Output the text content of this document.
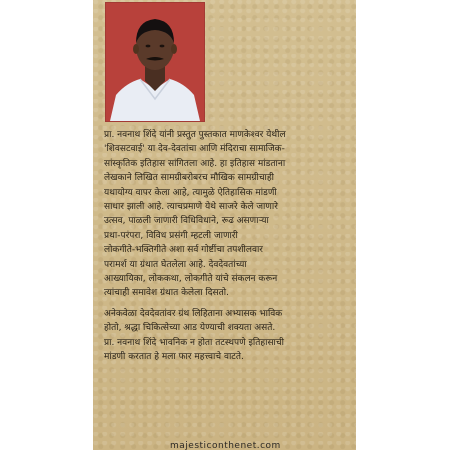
प्रा. नवनाथ शिंदे यांनी प्रस्तुत पुस्तकात माणकेश्वर येथील
'शिवसटवाई' या देव-देवतांचा आणि मंदिराचा सामाजिक-
सांस्कृतिक इतिहास सांगितला आहे. हा इतिहास मांडताना
लेखकाने लिखित सामग्रीबरोबरच मौखिक सामग्रीचाही
यथायोग्य वापर केला आहे, त्यामुळे ऐतिहासिक मांडणी
साधार झाली आहे. त्याचप्रमाणे येथे साजरे केले जाणारे
उत्सव, पाळली जाणारी विधिविधाने, रूढ असणाऱ्या
प्रथा-परंपरा, विविध प्रसंगी म्हटली जाणारी
लोकगीते-भक्तिगीते अशा सर्व गोष्टींचा तपशीलवार
परामर्श या ग्रंथात घेतलेला आहे. देवदेवतांच्या
आख्यायिका, लोककथा, लोकगीते यांचे संकलन करून
त्यांचाही समावेश ग्रंथात केलेला दिसतो.

अनेकवेळा देवदेवतांवर ग्रंथ लिहिताना अभ्यासक भाविक
होतो, श्रद्धा चिकित्सेच्या आड येण्याची शक्यता असते.
प्रा. नवनाथ शिंदे भावनिक न होता तटस्थपणे इतिहासाची
मांडणी करतात हे मला फार महत्त्वाचे वाटते.

majesticonthenet.com
